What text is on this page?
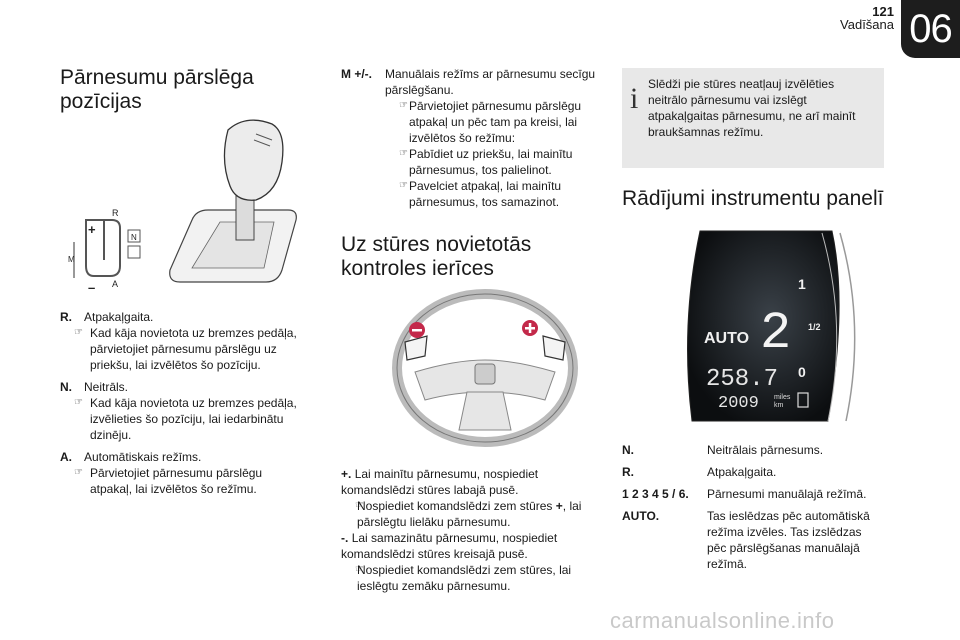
121
Vadīšana 06
Pārnesumu pārslēga pozīcijas
R
N
A
M
+
–
R. Atpakaļgaita.
☞ Kad kāja novietota uz bremzes pedāļa, pārvietojiet pārnesumu pārslēgu uz priekšu, lai izvēlētos šo pozīciju.
N. Neitrāls.
☞ Kad kāja novietota uz bremzes pedāļa, izvēlieties šo pozīciju, lai iedarbinātu dzinēju.
A. Automātiskais režīms.
☞ Pārvietojiet pārnesumu pārslēgu atpakaļ, lai izvēlētos šo režīmu.
M +/-.	Manuālais režīms ar pārnesumu secīgu pārslēgšanu.
☞ Pārvietojiet pārnesumu pārslēgu atpakaļ un pēc tam pa kreisi, lai izvēlētos šo režīmu:
☞ Pabīdiet uz priekšu, lai mainītu pārnesumus, tos palielinot.
☞ Pavelciet atpakaļ, lai mainītu pārnesumus, tos samazinot.
Uz stūres novietotās kontroles ierīces
+. Lai mainītu pārnesumu, nospiediet komandslēdzi stūres labajā pusē.
☞ Nospiediet komandslēdzi zem stūres +, lai pārslēgtu lielāku pārnesumu.
-. Lai samazinātu pārnesumu, nospiediet komandslēdzi stūres kreisajā pusē.
☞ Nospiediet komandslēdzi zem stūres, lai ieslēgtu zemāku pārnesumu.
i Slēdži pie stūres neatļauj izvēlēties neitrālo pārnesumu vai izslēgt atpakaļgaitas pārnesumu, ne arī mainīt braukšamnas režīmu.
Rādījumi instrumentu panelī
AUTO 2
258.7
2009 miles
km
1
1/2
0
N.	Neitrālais pārnesums.
R.	Atpakaļgaita.
1 2 3 4 5 / 6.	Pārnesumi manuālajā režīmā.
AUTO.	Tas ieslēdzas pēc automātiskā režīma izvēles. Tas izslēdzas pēc pārslēgšanas manuālajā režīmā.
carmanualsonline.info
